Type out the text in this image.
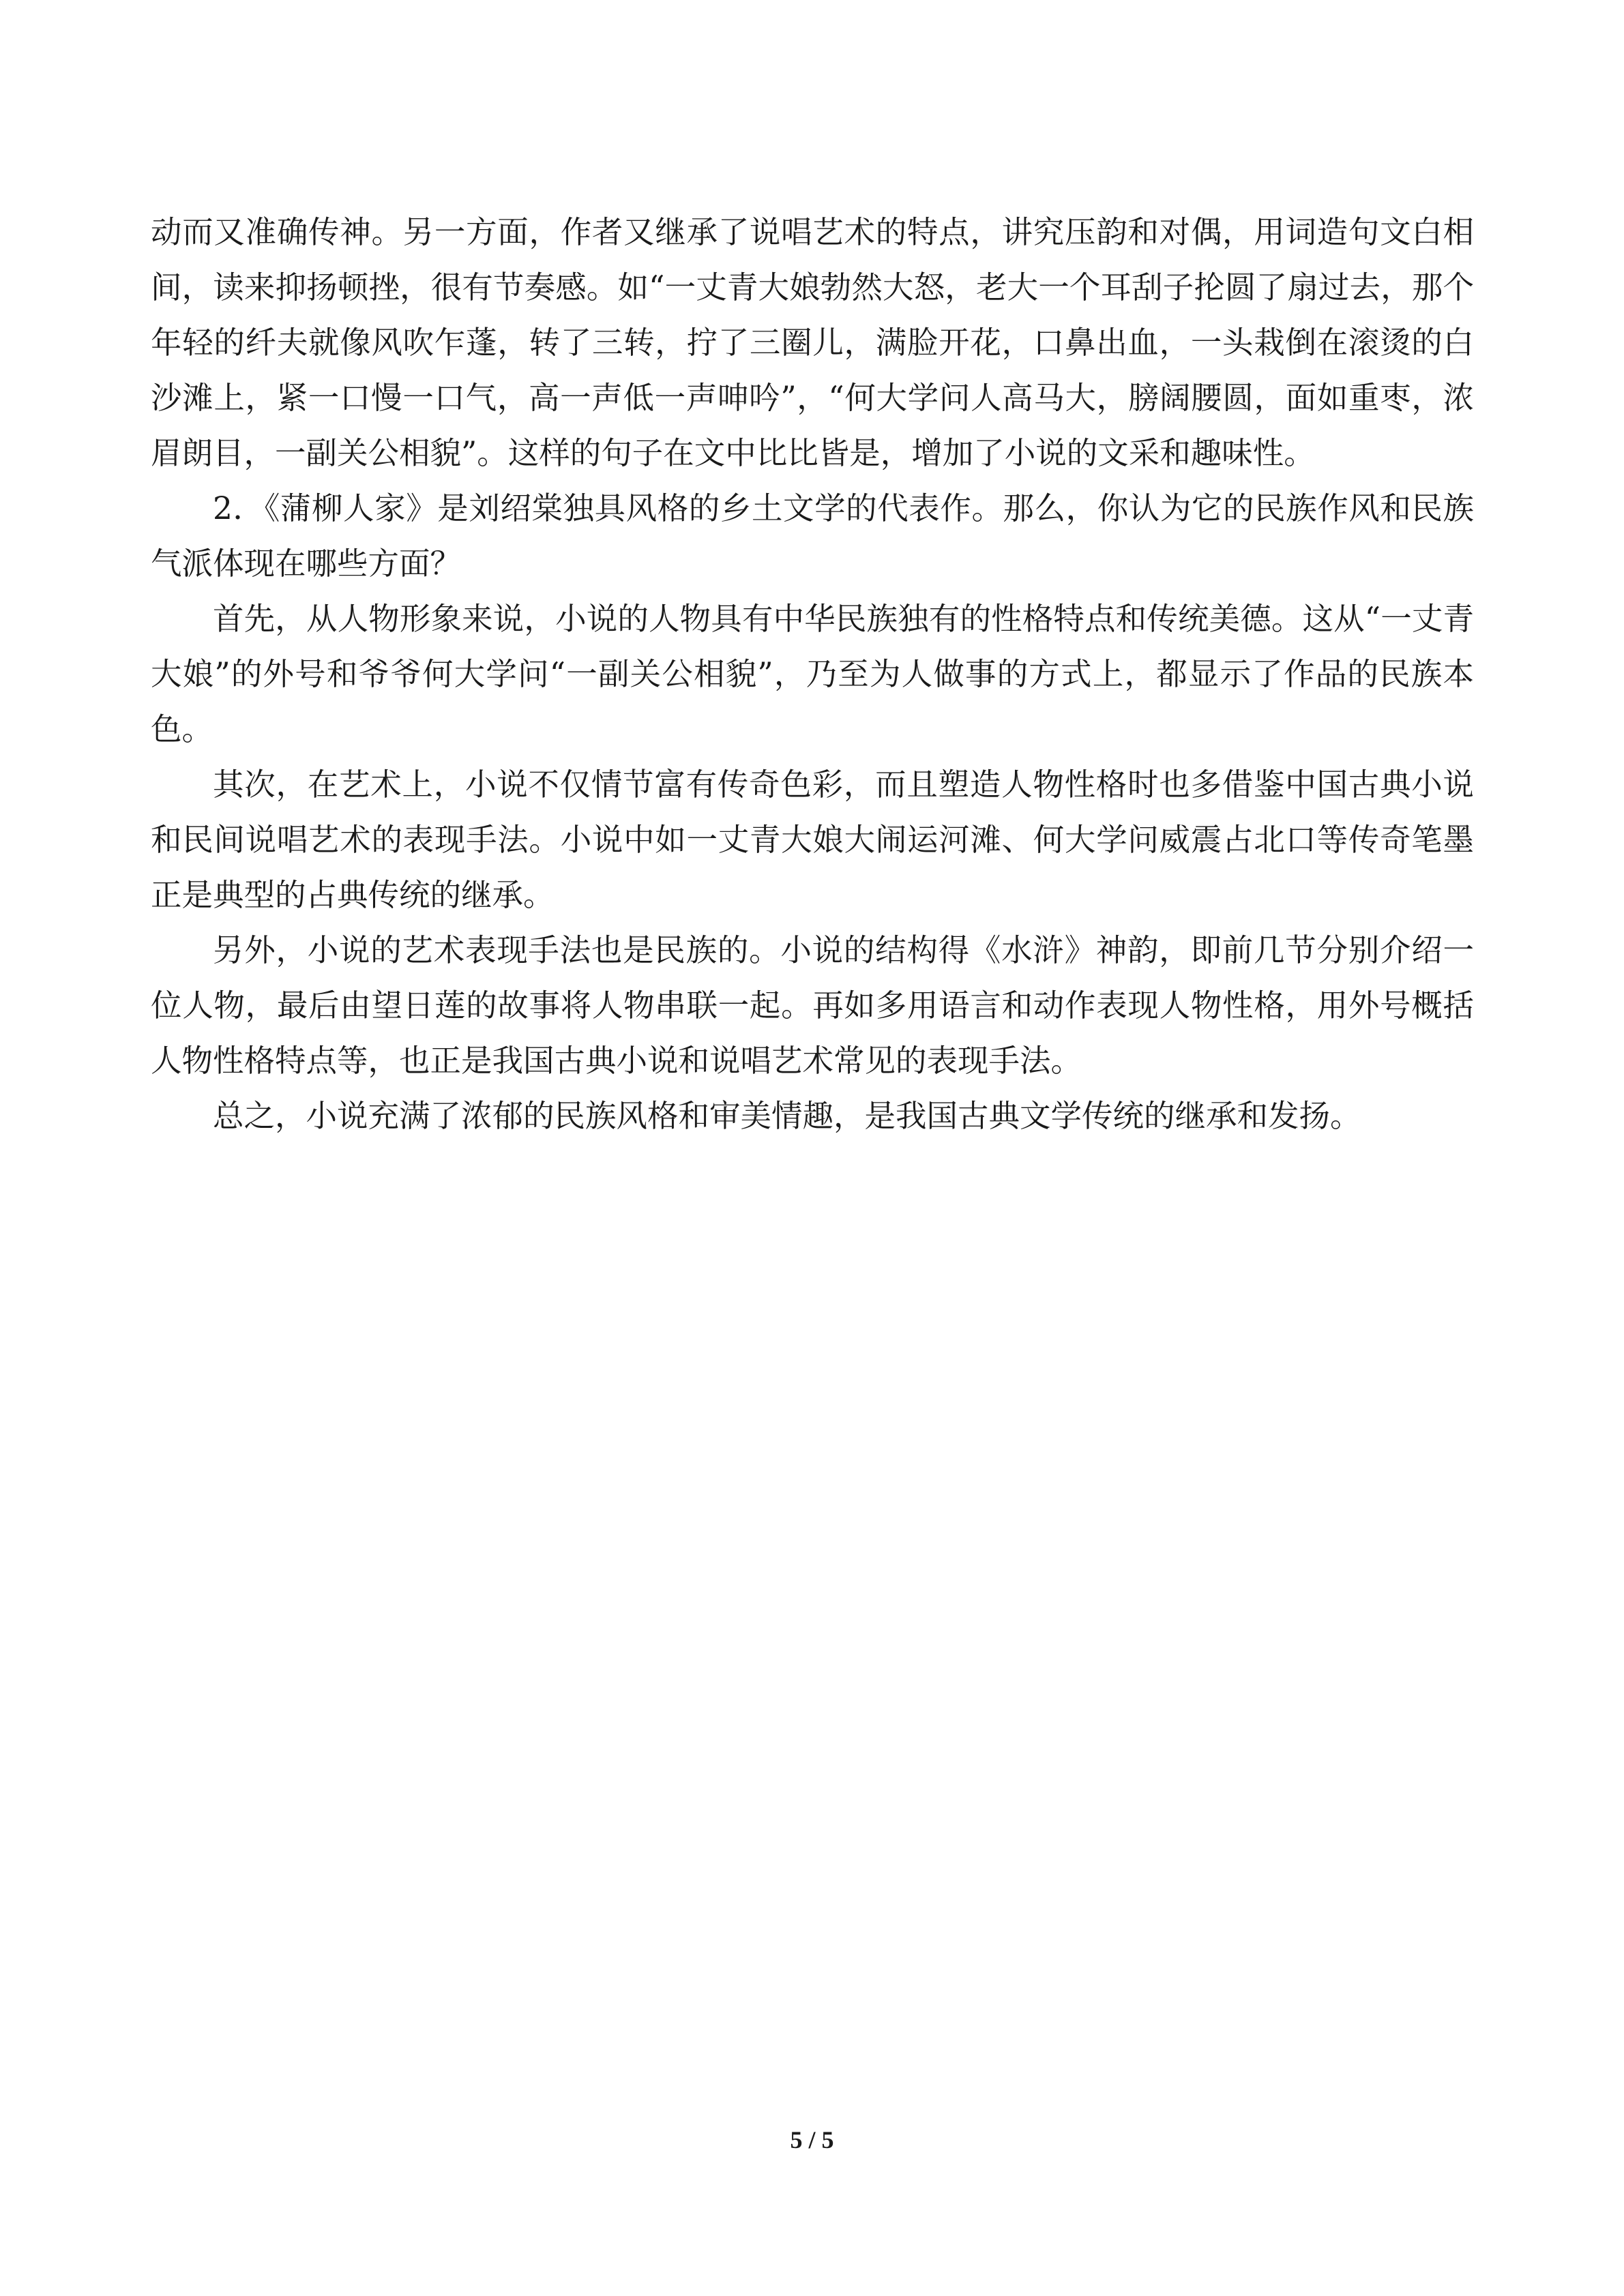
动而又准确传神。另一方面，作者又继承了说唱艺术的特点，讲究压韵和对偶，用词造句文白相间，读来抑扬顿挫，很有节奏感。如“一丈青大娘勃然大怒，老大一个耳刮子抡圆了扇过去，那个年轻的纤夫就像风吹乍蓬，转了三转，拧了三圈儿，满脸开花，口鼻出血，一头栽倒在滚烫的白沙滩上，紧一口慢一口气，高一声低一声呻吟”，“何大学问人高马大，膀阔腰圆，面如重枣，浓眉朗目，一副关公相貌”。这样的句子在文中比比皆是，增加了小说的文采和趣味性。

2．《蒲柳人家》是刘绍棠独具风格的乡土文学的代表作。那么，你认为它的民族作风和民族气派体现在哪些方面？

首先，从人物形象来说，小说的人物具有中华民族独有的性格特点和传统美德。这从“一丈青大娘”的外号和爷爷何大学问“一副关公相貌”，乃至为人做事的方式上，都显示了作品的民族本色。

其次，在艺术上，小说不仅情节富有传奇色彩，而且塑造人物性格时也多借鉴中国古典小说和民间说唱艺术的表现手法。小说中如一丈青大娘大闹运河滩、何大学问威震占北口等传奇笔墨正是典型的占典传统的继承。

另外，小说的艺术表现手法也是民族的。小说的结构得《水浒》神韵，即前几节分别介绍一位人物，最后由望日莲的故事将人物串联一起。再如多用语言和动作表现人物性格，用外号概括人物性格特点等，也正是我国古典小说和说唱艺术常见的表现手法。

总之，小说充满了浓郁的民族风格和审美情趣，是我国古典文学传统的继承和发扬。

5 / 5
